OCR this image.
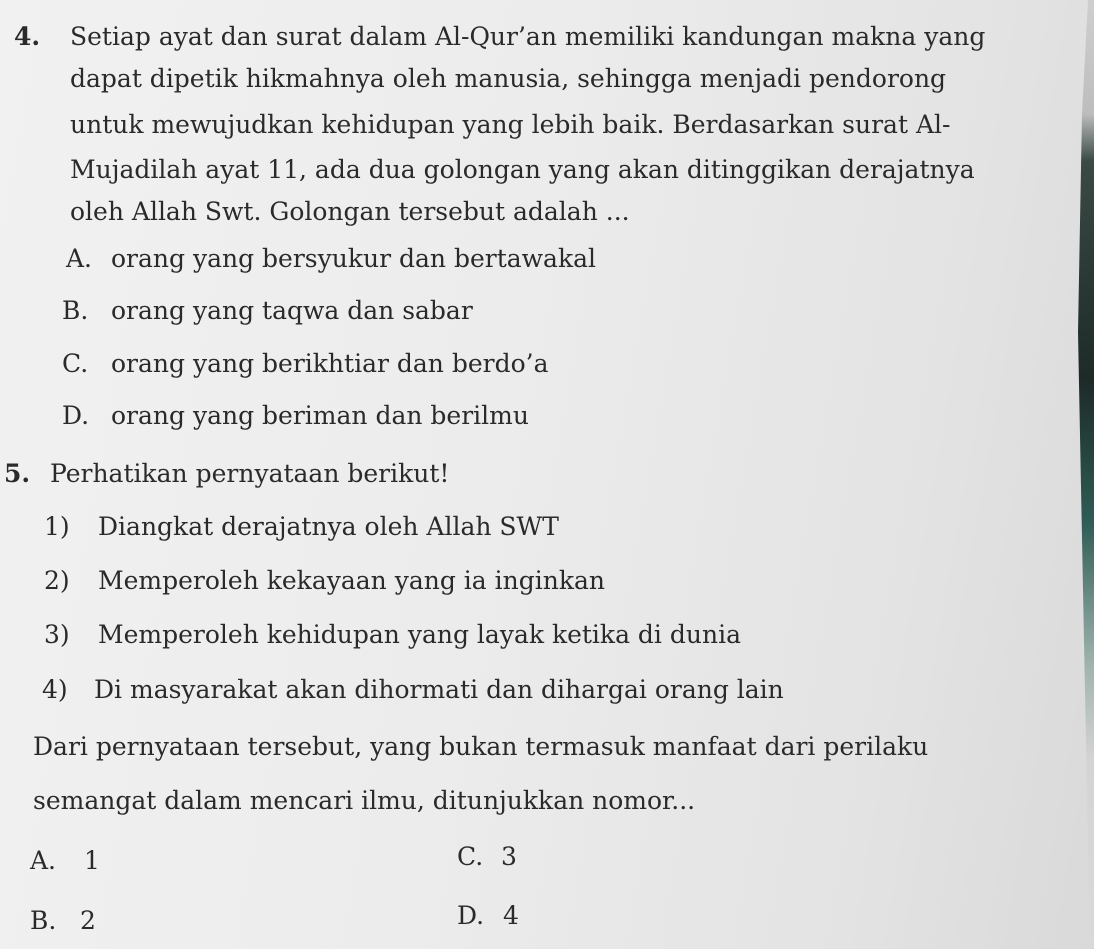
4. Setiap ayat dan surat dalam Al-Qur’an memiliki kandungan makna yang
dapat dipetik hikmahnya oleh manusia, sehingga menjadi pendorong
untuk mewujudkan kehidupan yang lebih baik. Berdasarkan surat Al-
Mujadilah ayat 11, ada dua golongan yang akan ditinggikan derajatnya
oleh Allah Swt. Golongan tersebut adalah ...
A. orang yang bersyukur dan bertawakal
B. orang yang taqwa dan sabar
C. orang yang berikhtiar dan berdo’a
D. orang yang beriman dan berilmu
5. Perhatikan pernyataan berikut!
1) Diangkat derajatnya oleh Allah SWT
2) Memperoleh kekayaan yang ia inginkan
3) Memperoleh kehidupan yang layak ketika di dunia
4) Di masyarakat akan dihormati dan dihargai orang lain
Dari pernyataan tersebut, yang bukan termasuk manfaat dari perilaku
semangat dalam mencari ilmu, ditunjukkan nomor...
A. 1
B. 2
C. 3
D. 4
